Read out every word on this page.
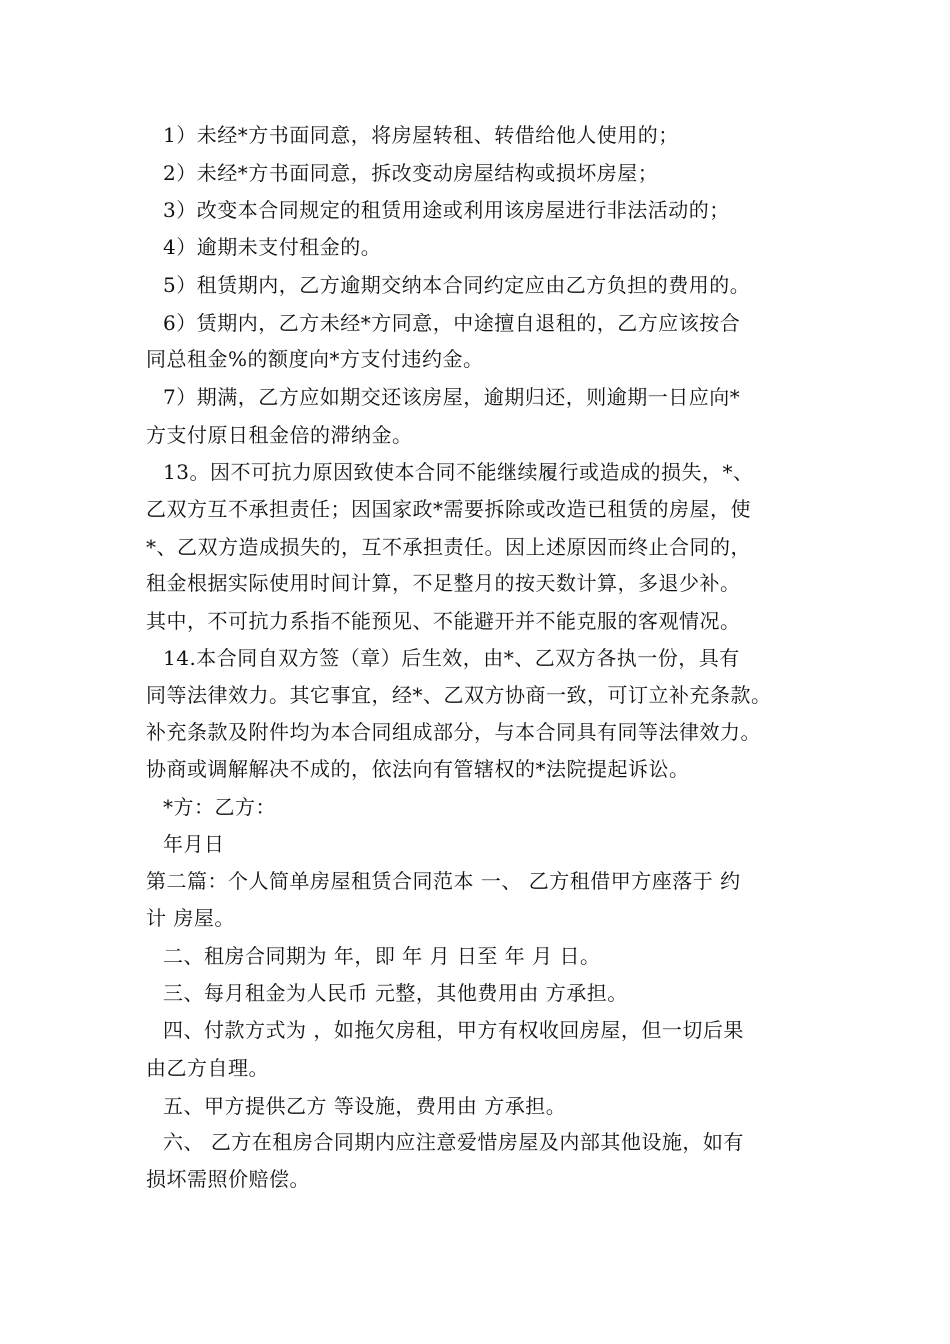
1）未经*方书面同意，将房屋转租、转借给他人使用的；
2）未经*方书面同意，拆改变动房屋结构或损坏房屋；
3）改变本合同规定的租赁用途或利用该房屋进行非法活动的；
4）逾期未支付租金的。
5）租赁期内，乙方逾期交纳本合同约定应由乙方负担的费用的。
6）赁期内，乙方未经*方同意，中途擅自退租的，乙方应该按合
同总租金%的额度向*方支付违约金。
7）期满，乙方应如期交还该房屋，逾期归还，则逾期一日应向*
方支付原日租金倍的滞纳金。
13。因不可抗力原因致使本合同不能继续履行或造成的损失，*、
乙双方互不承担责任；因国家政*需要拆除或改造已租赁的房屋，使
*、乙双方造成损失的，互不承担责任。因上述原因而终止合同的，
租金根据实际使用时间计算，不足整月的按天数计算，多退少补。
其中，不可抗力系指不能预见、不能避开并不能克服的客观情况。
14.本合同自双方签（章）后生效，由*、乙双方各执一份，具有
同等法律效力。其它事宜，经*、乙双方协商一致，可订立补充条款。
补充条款及附件均为本合同组成部分，与本合同具有同等法律效力。
协商或调解解决不成的，依法向有管辖权的*法院提起诉讼。
*方：乙方：
年月日
第二篇：个人简单房屋租赁合同范本 一、 乙方租借甲方座落于 约
计 房屋。
二、租房合同期为 年，即 年 月 日至 年 月 日。
三、每月租金为人民币 元整，其他费用由 方承担。
四、付款方式为 ，如拖欠房租，甲方有权收回房屋，但一切后果
由乙方自理。
五、甲方提供乙方 等设施，费用由 方承担。
六、 乙方在租房合同期内应注意爱惜房屋及内部其他设施，如有
损坏需照价赔偿。
